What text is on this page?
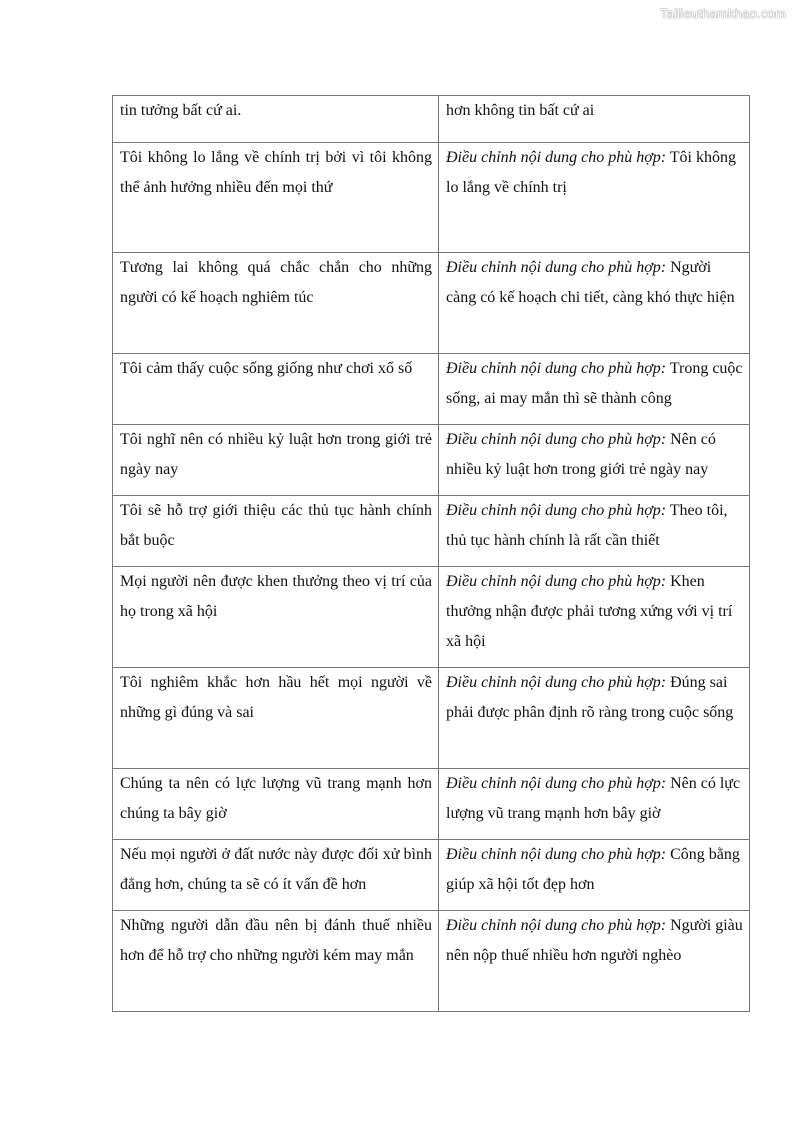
Tailieuthamkhao.com
tin tưởng bất cứ ai.	hơn không tin bất cứ ai
Tôi không lo lắng về chính trị bởi vì tôi không thể ảnh hưởng nhiều đến mọi thứ	Điều chỉnh nội dung cho phù hợp: Tôi không lo lắng về chính trị
Tương lai không quá chắc chắn cho những người có kế hoạch nghiêm túc	Điều chỉnh nội dung cho phù hợp: Người càng có kế hoạch chi tiết, càng khó thực hiện
Tôi cảm thấy cuộc sống giống như chơi xổ số	Điều chỉnh nội dung cho phù hợp: Trong cuộc sống, ai may mắn thì sẽ thành công
Tôi nghĩ nên có nhiều kỷ luật hơn trong giới trẻ ngày nay	Điều chỉnh nội dung cho phù hợp: Nên có nhiều kỷ luật hơn trong giới trẻ ngày nay
Tôi sẽ hỗ trợ giới thiệu các thủ tục hành chính bắt buộc	Điều chỉnh nội dung cho phù hợp: Theo tôi, thủ tục hành chính là rất cần thiết
Mọi người nên được khen thưởng theo vị trí của họ trong xã hội	Điều chỉnh nội dung cho phù hợp: Khen thưởng nhận được phải tương xứng với vị trí xã hội
Tôi nghiêm khắc hơn hầu hết mọi người về những gì đúng và sai	Điều chỉnh nội dung cho phù hợp: Đúng sai phải được phân định rõ ràng trong cuộc sống
Chúng ta nên có lực lượng vũ trang mạnh hơn chúng ta bây giờ	Điều chỉnh nội dung cho phù hợp: Nên có lực lượng vũ trang mạnh hơn bây giờ
Nếu mọi người ở đất nước này được đối xử bình đẳng hơn, chúng ta sẽ có ít vấn đề hơn	Điều chỉnh nội dung cho phù hợp: Công bằng giúp xã hội tốt đẹp hơn
Những người dẫn đầu nên bị đánh thuế nhiều hơn để hỗ trợ cho những người kém may mắn	Điều chỉnh nội dung cho phù hợp: Người giàu nên nộp thuế nhiều hơn người nghèo
